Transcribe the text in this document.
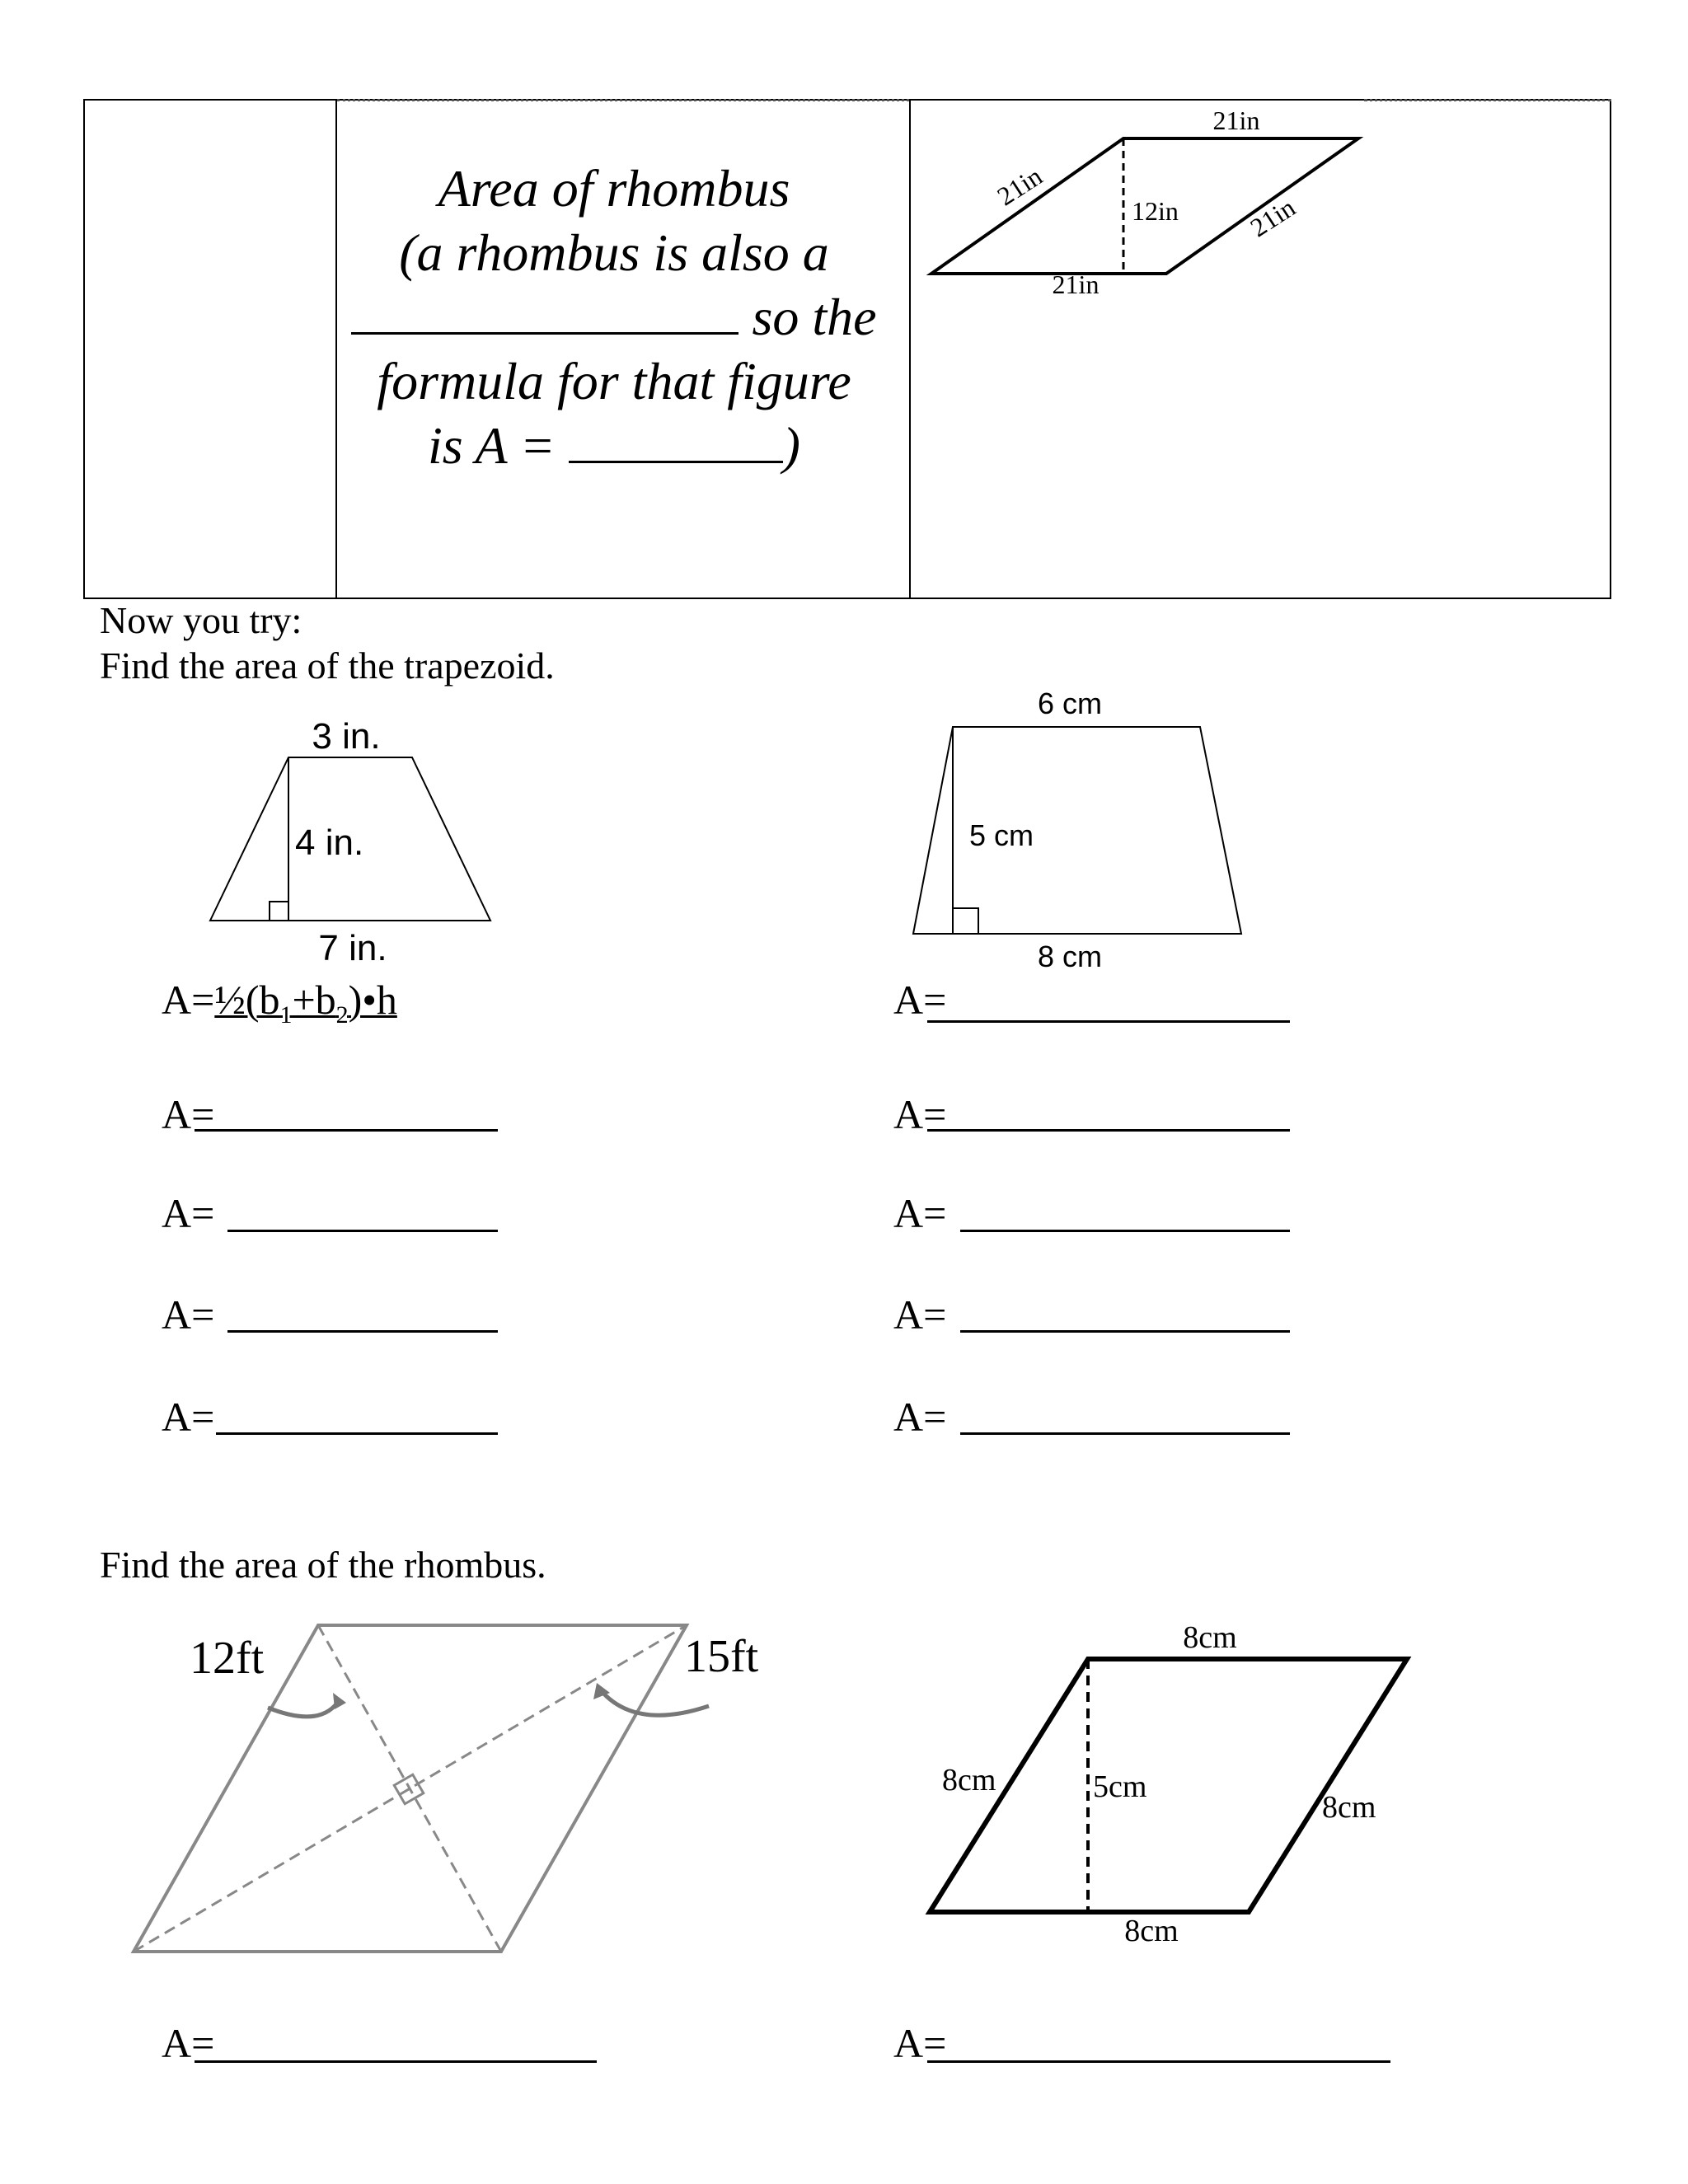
Area of rhombus
(a rhombus is also a
so the
formula for that figure
is A =	)
21in
21in	12in	21in
21in
Now you try:
Find the area of the trapezoid.
3 in.
4 in.
7 in.
6 cm
5 cm
8 cm
$A=\frac{1}{2}(b_1+b_2)•h$	A=
A=
A=
A=
A=
A=
A=
A=
A=
Find the area of the rhombus.
12ft	15ft	8cm
8cm	5cm
8cm
8cm
A=	A=
